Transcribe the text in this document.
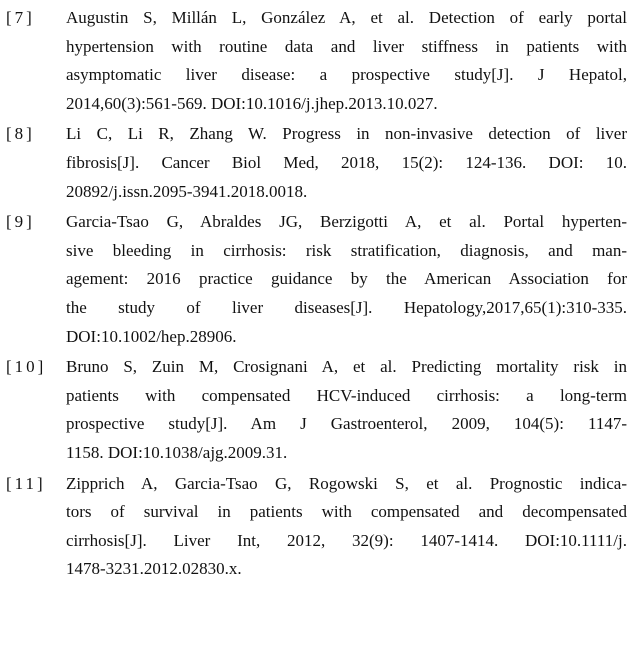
[7]	Augustin S, Millán L, González A, et al. Detection of early portal
hypertension with routine data and liver stiffness in patients with
asymptomatic liver disease: a prospective study[J]. J Hepatol,
2014,60(3):561-569. DOI:10.1016/j.jhep.2013.10.027.
[8]	Li C, Li R, Zhang W. Progress in non-invasive detection of liver
fibrosis[J]. Cancer Biol Med, 2018, 15(2): 124-136. DOI: 10.
20892/j.issn.2095-3941.2018.0018.
[9]	Garcia-Tsao G, Abraldes JG, Berzigotti A, et al. Portal hyperten-
sive bleeding in cirrhosis: risk stratification, diagnosis, and man-
agement: 2016 practice guidance by the American Association for
the study of liver diseases[J]. Hepatology,2017,65(1):310-335.
DOI:10.1002/hep.28906.
[10]	Bruno S, Zuin M, Crosignani A, et al. Predicting mortality risk in
patients with compensated HCV-induced cirrhosis: a long-term
prospective study[J]. Am J Gastroenterol, 2009, 104(5): 1147-
1158. DOI:10.1038/ajg.2009.31.
[11]	Zipprich A, Garcia-Tsao G, Rogowski S, et al. Prognostic indica-
tors of survival in patients with compensated and decompensated
cirrhosis[J]. Liver Int, 2012, 32(9): 1407-1414. DOI:10.1111/j.
1478-3231.2012.02830.x.
